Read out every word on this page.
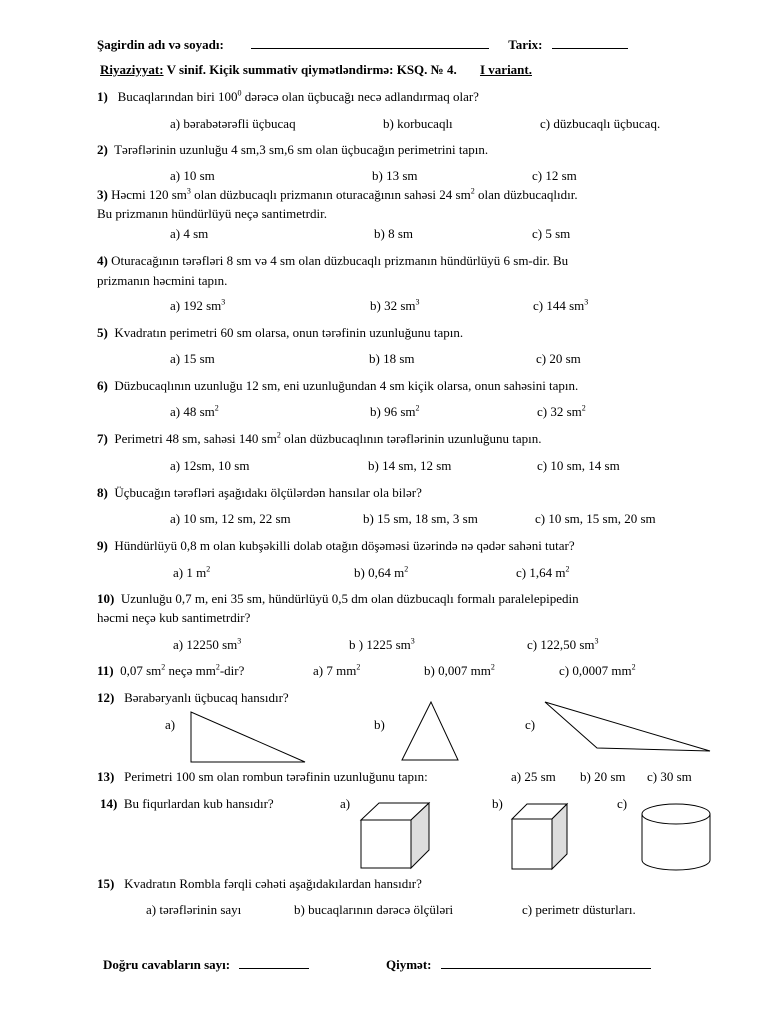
Şagirdin adı və soyadı:	Tarix:
Riyaziyyat: V sinif. Kiçik summativ qiymətləndirmə: KSQ. № 4. I variant.
1) Bucaqlarından biri $100^0$ dərəcə olan üçbucağı necə adlandırmaq olar?
a) bərabətərəfli üçbucaq	b) korbucaqlı	c) düzbucaqlı üçbucaq.
2) Tərəflərinin uzunluğu 4 sm,3 sm,6 sm olan üçbucağın perimetrini tapın.
a) 10 sm	b) 13 sm	c) 12 sm
3) Həcmi 120 $sm^3$ olan düzbucaqlı prizmanın oturacağının sahəsi 24 $sm^2$ olan düzbucaqlıdır.
Bu prizmanın hündürlüyü neçə santimetrdir.
a) 4 sm	b) 8 sm	c) 5 sm
4) Oturacağının tərəfləri 8 sm və 4 sm olan düzbucaqlı prizmanın hündürlüyü 6 sm-dir. Bu
prizmanın həcmini tapın.
a) 192 $sm^3$	b) 32 $sm^3$	c) 144 $sm^3$
5) Kvadratın perimetri 60 sm olarsa, onun tərəfinin uzunluğunu tapın.
a) 15 sm	b) 18 sm	c) 20 sm
6) Düzbucaqlının uzunluğu 12 sm, eni uzunluğundan 4 sm kiçik olarsa, onun sahəsini tapın.
a) 48 $sm^2$	b) 96 $sm^2$	c) 32 $sm^2$
7) Perimetri 48 sm, sahəsi 140 $sm^2$ olan düzbucaqlının tərəflərinin uzunluğunu tapın.
a) 12sm, 10 sm	b) 14 sm, 12 sm	c) 10 sm, 14 sm
8) Üçbucağın tərəfləri aşağıdakı ölçülərdən hansılar ola bilər?
a) 10 sm, 12 sm, 22 sm	b) 15 sm, 18 sm, 3 sm	c) 10 sm, 15 sm, 20 sm
9) Hündürlüyü 0,8 m olan kubşəkilli dolab otağın döşəməsi üzərində nə qədər sahəni tutar?
a) 1 $m^2$	b) 0,64 $m^2$	c) 1,64 $m^2$
10) Uzunluğu 0,7 m, eni 35 sm, hündürlüyü 0,5 dm olan düzbucaqlı formalı paralelepipedin
həcmi neçə kub santimetrdir?
a) 12250 $sm^3$	b ) 1225 $sm^3$	c) 122,50 $sm^3$
11) 0,07 $sm^2$ neçə $mm^2$-dir?	a) 7 $mm^2$	b) 0,007 $mm^2$	c) 0,0007 $mm^2$
12) Bərabəryanlı üçbucaq hansıdır?
a)	b)	c)
13) Perimetri 100 sm olan rombun tərəfinin uzunluğunu tapın:	a) 25 sm b) 20 sm c) 30 sm
14) Bu fiqurlardan kub hansıdır?	a)	b)	c)
15) Kvadratın Rombla fərqli cəhəti aşağıdakılardan hansıdır?
a) tərəflərinin sayı	b) bucaqlarının dərəcə ölçüləri	c) perimetr düsturları.
Doğru cavabların sayı:	Qiymət:
